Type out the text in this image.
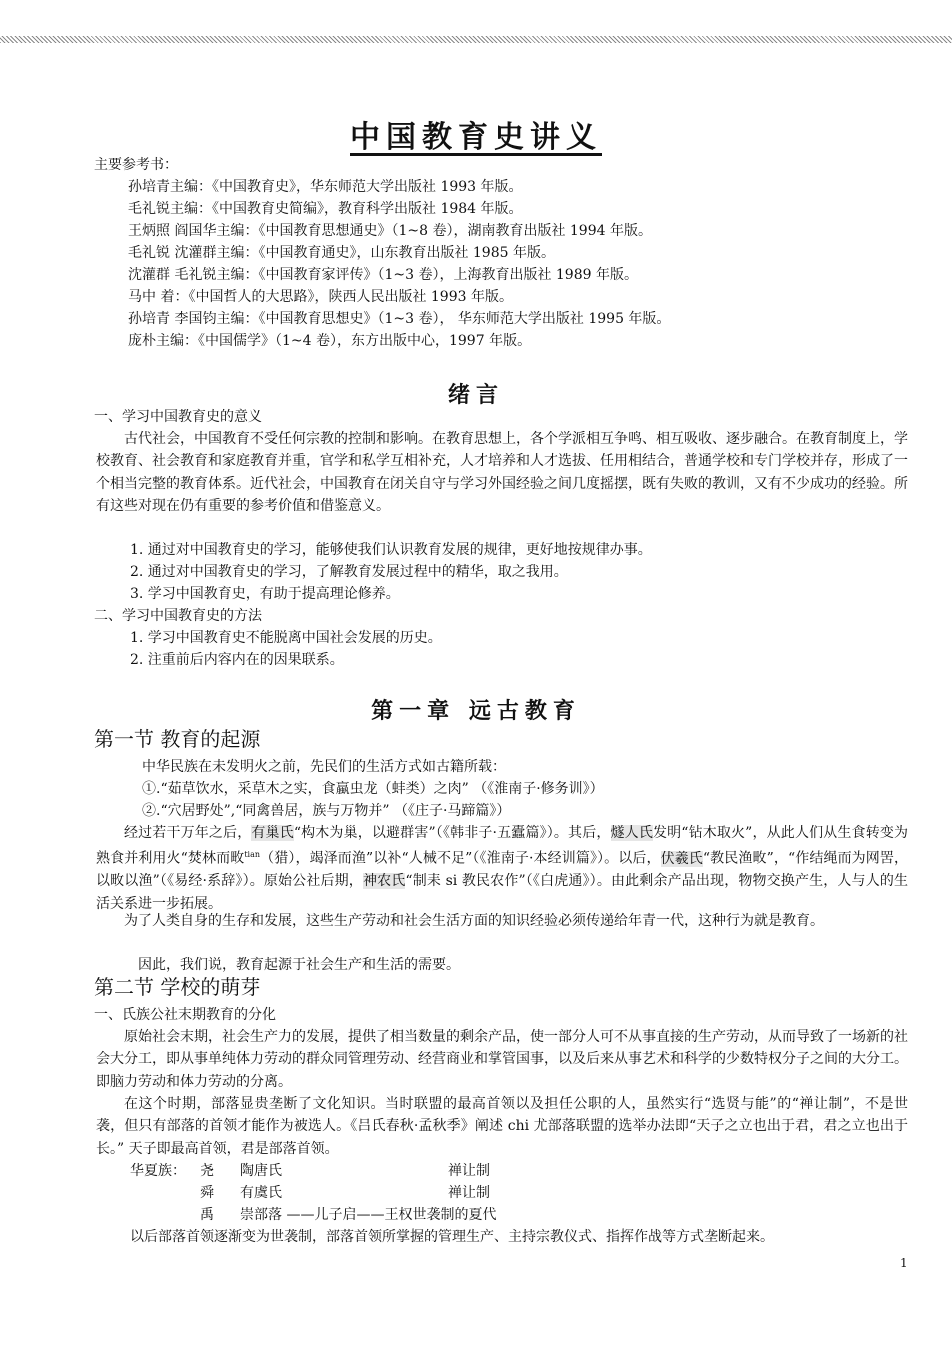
中国教育史讲义
主要参考书：
孙培青主编：《中国教育史》，华东师范大学出版社 1993 年版。
毛礼锐主编：《中国教育史简编》，教育科学出版社 1984 年版。
王炳照 阎国华主编：《中国教育思想通史》（1~8 卷），湖南教育出版社 1994 年版。
毛礼锐 沈灌群主编：《中国教育通史》，山东教育出版社 1985 年版。
沈灌群 毛礼锐主编：《中国教育家评传》（1~3 卷），上海教育出版社 1989 年版。
马中 着：《中国哲人的大思路》，陕西人民出版社 1993 年版。
孙培青 李国钧主编：《中国教育思想史》（1~3 卷）， 华东师范大学出版社 1995 年版。
庞朴主编：《中国儒学》（1~4 卷），东方出版中心，1997 年版。
绪言
一、学习中国教育史的意义
古代社会，中国教育不受任何宗教的控制和影响。在教育思想上，各个学派相互争鸣、相互吸收、逐步融合。在教育制度上，学校教育、社会教育和家庭教育并重，官学和私学互相补充，人才培养和人才选拔、任用相结合，普通学校和专门学校并存，形成了一个相当完整的教育体系。近代社会，中国教育在闭关自守与学习外国经验之间几度摇摆，既有失败的教训，又有不少成功的经验。所有这些对现在仍有重要的参考价值和借鉴意义。
1. 通过对中国教育史的学习，能够使我们认识教育发展的规律，更好地按规律办事。
2. 通过对中国教育史的学习，了解教育发展过程中的精华，取之我用。
3. 学习中国教育史，有助于提高理论修养。
二、学习中国教育史的方法
1. 学习中国教育史不能脱离中国社会发展的历史。
2. 注重前后内容内在的因果联系。
第一章 远古教育
第一节 教育的起源
中华民族在未发明火之前，先民们的生活方式如古籍所载：
①.“茹草饮水，采草木之实，食蠃虫龙（蚌类）之肉” （《淮南子·修务训》）
②.“穴居野处”,“同禽兽居，族与万物并” （《庄子·马蹄篇》）
经过若干万年之后，有巢氏“构木为巢，以避群害”（《韩非子·五蠹篇》）。其后，燧人氏发明“钻木取火”，从此人们从生食转变为熟食并利用火“焚林而畋$^{tian}$（猎），竭泽而渔”以补“人械不足”（《淮南子·本经训篇》）。以后，伏羲氏“教民渔畋”，“作结绳而为网罟，以畋以渔”（《易经·系辞》）。原始公社后期，神农氏“制耒 si 教民农作”（《白虎通》）。由此剩余产品出现，物物交换产生，人与人的生活关系进一步拓展。
为了人类自身的生存和发展，这些生产劳动和社会生活方面的知识经验必须传递给年青一代，这种行为就是教育。
因此，我们说，教育起源于社会生产和生活的需要。
第二节 学校的萌芽
一、氏族公社末期教育的分化
原始社会末期，社会生产力的发展，提供了相当数量的剩余产品，使一部分人可不从事直接的生产劳动，从而导致了一场新的社会大分工，即从事单纯体力劳动的群众同管理劳动、经营商业和掌管国事，以及后来从事艺术和科学的少数特权分子之间的大分工。即脑力劳动和体力劳动的分离。
在这个时期，部落显贵垄断了文化知识。当时联盟的最高首领以及担任公职的人，虽然实行“选贤与能”的“禅让制”，不是世袭，但只有部落的首领才能作为被选人。《吕氏春秋·孟秋季》阐述 chi 尤部落联盟的选举办法即“天子之立也出于君，君之立也出于长。” 天子即最高首领，君是部落首领。
华夏族： 尧 陶唐氏	禅让制
舜 有虞氏	禅让制
禹 崇部落 ——儿子启——王权世袭制的夏代
以后部落首领逐渐变为世袭制，部落首领所掌握的管理生产、主持宗教仪式、指挥作战等方式垄断起来。
1
